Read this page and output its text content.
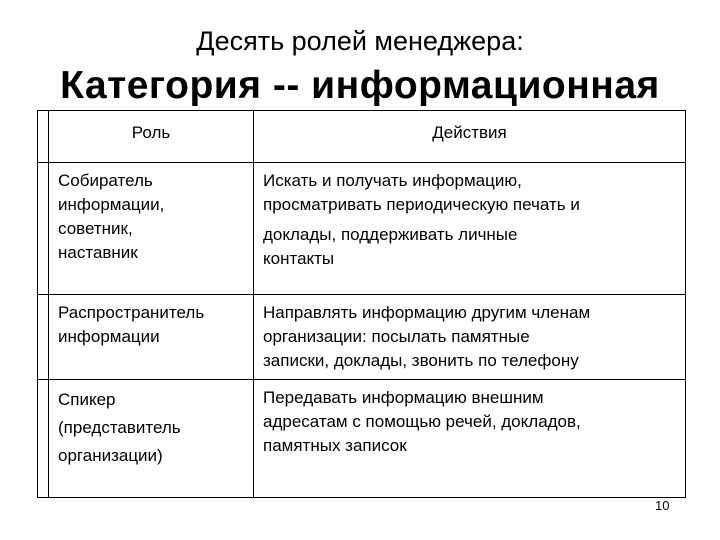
Десять ролей менеджера:
Категория -- информационная
	Роль	Действия

	Собиратель
информации,
советник,
наставник	Искать и получать информацию,
просматривать периодическую печать и
доклады, поддерживать личные
контакты

	Распространитель
информации	Направлять информацию другим членам
организации: посылать памятные
записки, доклады, звонить по телефону

	Спикер
(представитель
организации)	Передавать информацию внешним
адресатам с помощью речей, докладов,
памятных записок
10
